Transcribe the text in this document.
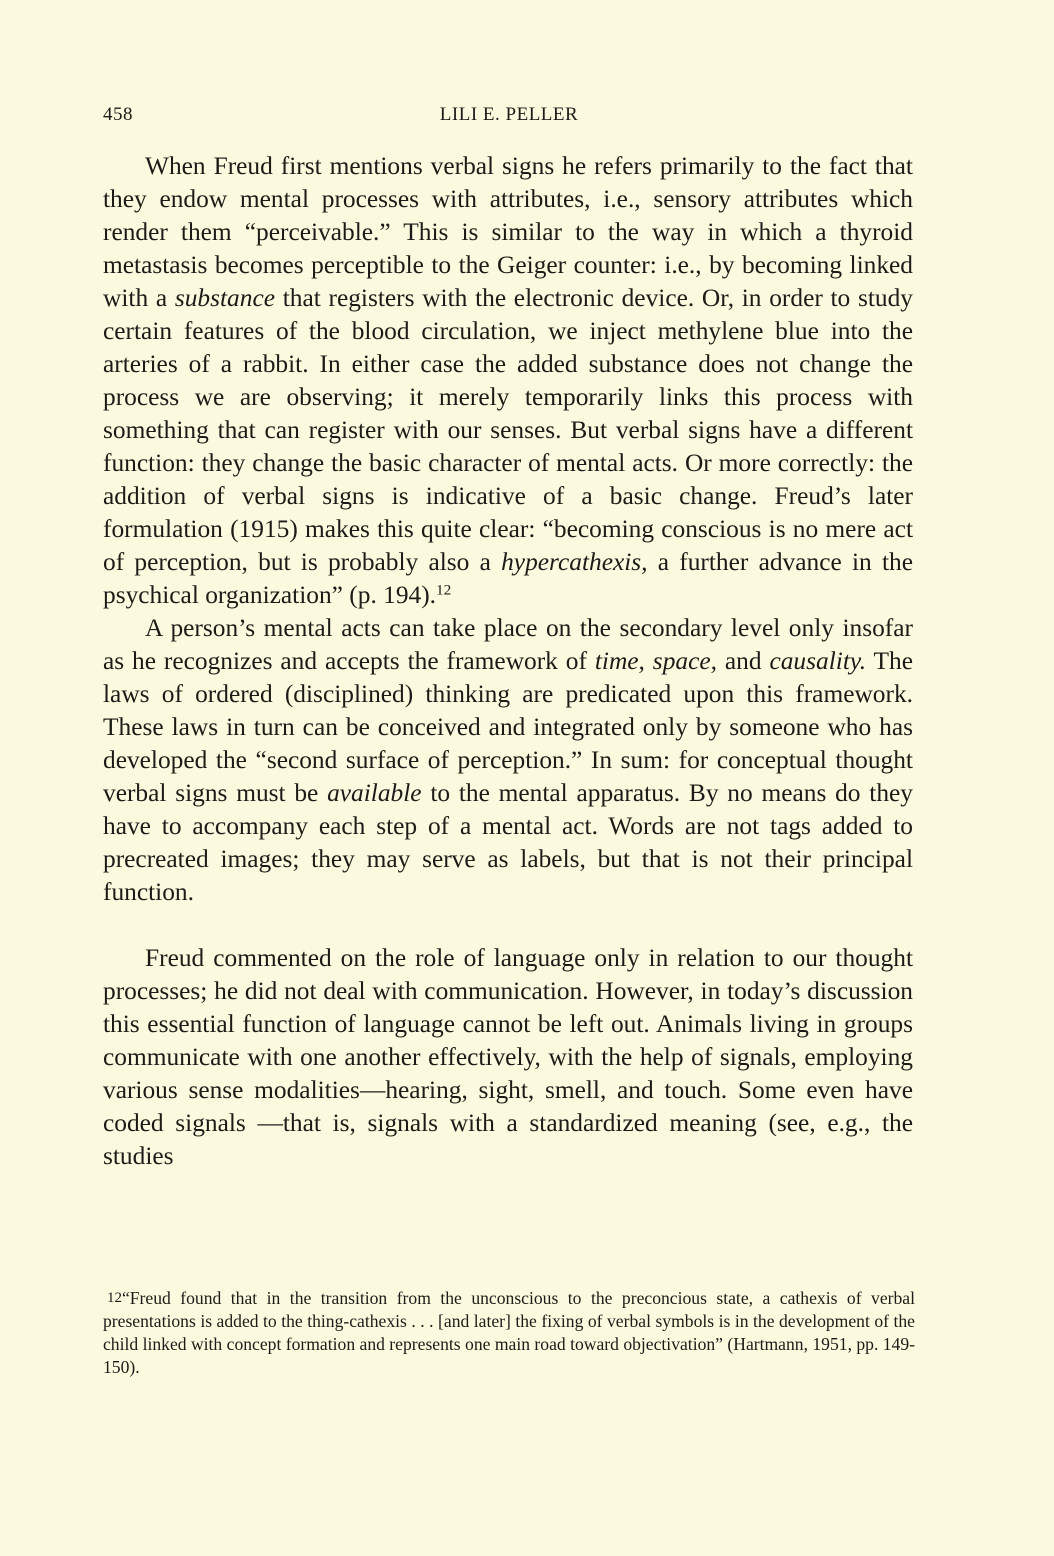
458	LILI E. PELLER

When Freud first mentions verbal signs he refers primarily to the fact that they endow mental processes with attributes, i.e., sensory attributes which render them “perceivable.” This is similar to the way in which a thyroid metastasis becomes perceptible to the Geiger counter: i.e., by becoming linked with a substance that registers with the electronic device. Or, in order to study certain features of the blood circulation, we inject methylene blue into the arteries of a rabbit. In either case the added substance does not change the process we are observing; it merely temporarily links this process with something that can register with our senses. But verbal signs have a different function: they change the basic character of mental acts. Or more correctly: the addition of verbal signs is indicative of a basic change. Freud’s later formulation (1915) makes this quite clear: “becoming conscious is no mere act of perception, but is probably also a hypercathexis, a further advance in the psychical organization” (p. 194).$^{12}$

A person’s mental acts can take place on the secondary level only insofar as he recognizes and accepts the framework of time, space, and causality. The laws of ordered (disciplined) thinking are predicated upon this framework. These laws in turn can be conceived and integrated only by someone who has developed the “second surface of perception.” In sum: for conceptual thought verbal signs must be available to the mental apparatus. By no means do they have to accompany each step of a mental act. Words are not tags added to precreated images; they may serve as labels, but that is not their principal function.

Freud commented on the role of language only in relation to our thought processes; he did not deal with communication. However, in today’s discussion this essential function of language cannot be left out. Animals living in groups communicate with one another effectively, with the help of signals, employing various sense modalities—hearing, sight, smell, and touch. Some even have coded signals —that is, signals with a standardized meaning (see, e.g., the studies

12“Freud found that in the transition from the unconscious to the preconcious state, a cathexis of verbal presentations is added to the thing-cathexis . . . [and later] the fixing of verbal symbols is in the development of the child linked with concept formation and represents one main road toward objectivation” (Hartmann, 1951, pp. 149-150).
